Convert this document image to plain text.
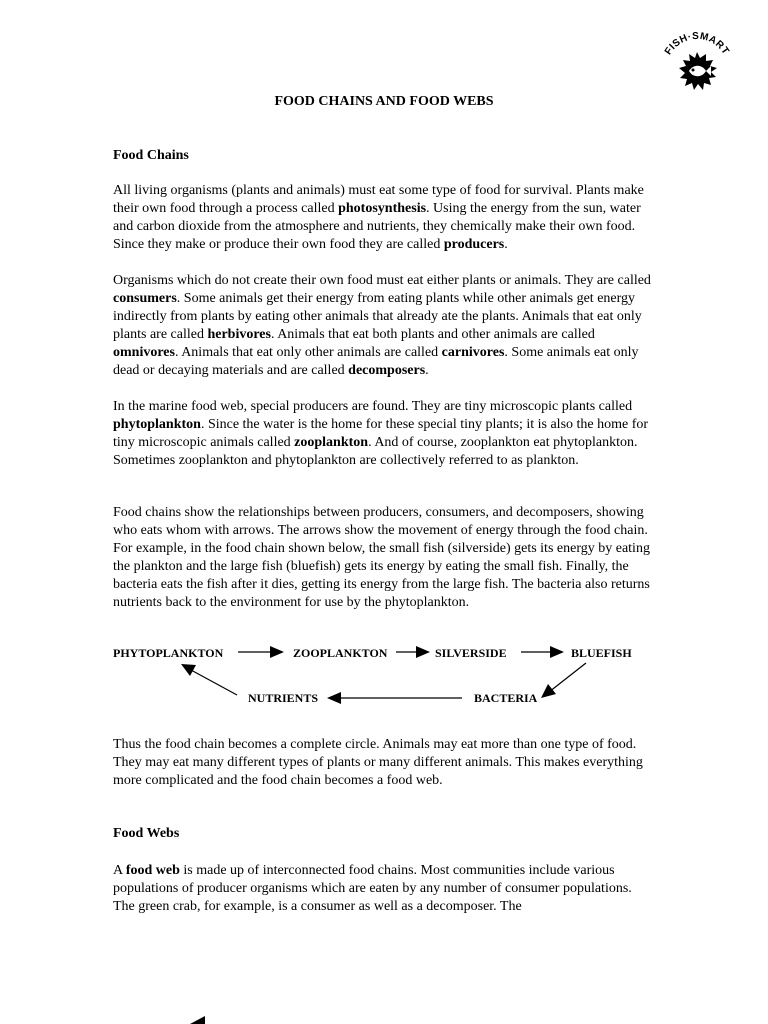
FISH·SMART
FOOD CHAINS AND FOOD WEBS
Food Chains

All living organisms (plants and animals) must eat some type of food for survival. Plants make their own food through a process called photosynthesis. Using the energy from the sun, water and carbon dioxide from the atmosphere and nutrients, they chemically make their own food. Since they make or produce their own food they are called producers.

Organisms which do not create their own food must eat either plants or animals. They are called consumers. Some animals get their energy from eating plants while other animals get energy indirectly from plants by eating other animals that already ate the plants. Animals that eat only plants are called herbivores. Animals that eat both plants and other animals are called omnivores. Animals that eat only other animals are called carnivores. Some animals eat only dead or decaying materials and are called decomposers.

In the marine food web, special producers are found. They are tiny microscopic plants called phytoplankton. Since the water is the home for these special tiny plants; it is also the home for tiny microscopic animals called zooplankton. And of course, zooplankton eat phytoplankton. Sometimes zooplankton and phytoplankton are collectively referred to as plankton.

Food chains show the relationships between producers, consumers, and decomposers, showing who eats whom with arrows. The arrows show the movement of energy through the food chain. For example, in the food chain shown below, the small fish (silverside) gets its energy by eating the plankton and the large fish (bluefish) gets its energy by eating the small fish. Finally, the bacteria eats the fish after it dies, getting its energy from the large fish. The bacteria also returns nutrients back to the environment for use by the phytoplankton.

PHYTOPLANKTON	ZOOPLANKTON	SILVERSIDE	BLUEFISH
BACTERIA
NUTRIENTS

Thus the food chain becomes a complete circle. Animals may eat more than one type of food. They may eat many different types of plants or many different animals. This makes everything more complicated and the food chain becomes a food web.

Food Webs

A food web is made up of interconnected food chains. Most communities include various populations of producer organisms which are eaten by any number of consumer populations. The green crab, for example, is a consumer as well as a decomposer. The
